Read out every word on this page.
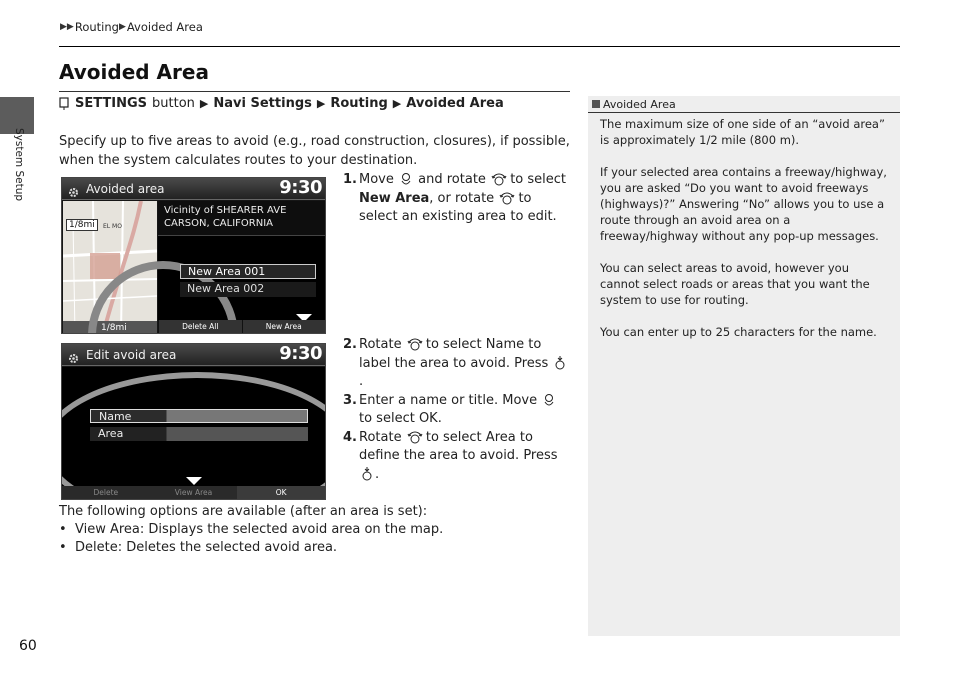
▶▶ Routing ▶ Avoided Area
System Setup
Avoided Area
SETTINGS button ▶ Navi Settings ▶ Routing ▶ Avoided Area
Specify up to five areas to avoid (e.g., road construction, closures), if possible, when the system calculates routes to your destination.
Avoided area	9:30
1/8mi	EL MO
1/8mi
Vicinity of SHEARER AVE
CARSON, CALIFORNIA
New Area 001
New Area 002
Delete All	New Area
Edit avoid area	9:30
Name
Area
Delete	View Area	OK
1. Move and rotate to select New Area, or rotate to select an existing area to edit.
2. Rotate to select Name to label the area to avoid. Press
.
3. Enter a name or title. Move
to select OK.
4. Rotate to select Area to define the area to avoid. Press
.
The following options are available (after an area is set):
• View Area: Displays the selected avoid area on the map.
• Delete: Deletes the selected avoid area.
Avoided Area

The maximum size of one side of an “avoid area” is approximately 1/2 mile (800 m).

If your selected area contains a freeway/highway, you are asked “Do you want to avoid freeways (highways)?” Answering “No” allows you to use a route through an avoid area on a freeway/highway without any pop-up messages.

You can select areas to avoid, however you cannot select roads or areas that you want the system to use for routing.

You can enter up to 25 characters for the name.

60
